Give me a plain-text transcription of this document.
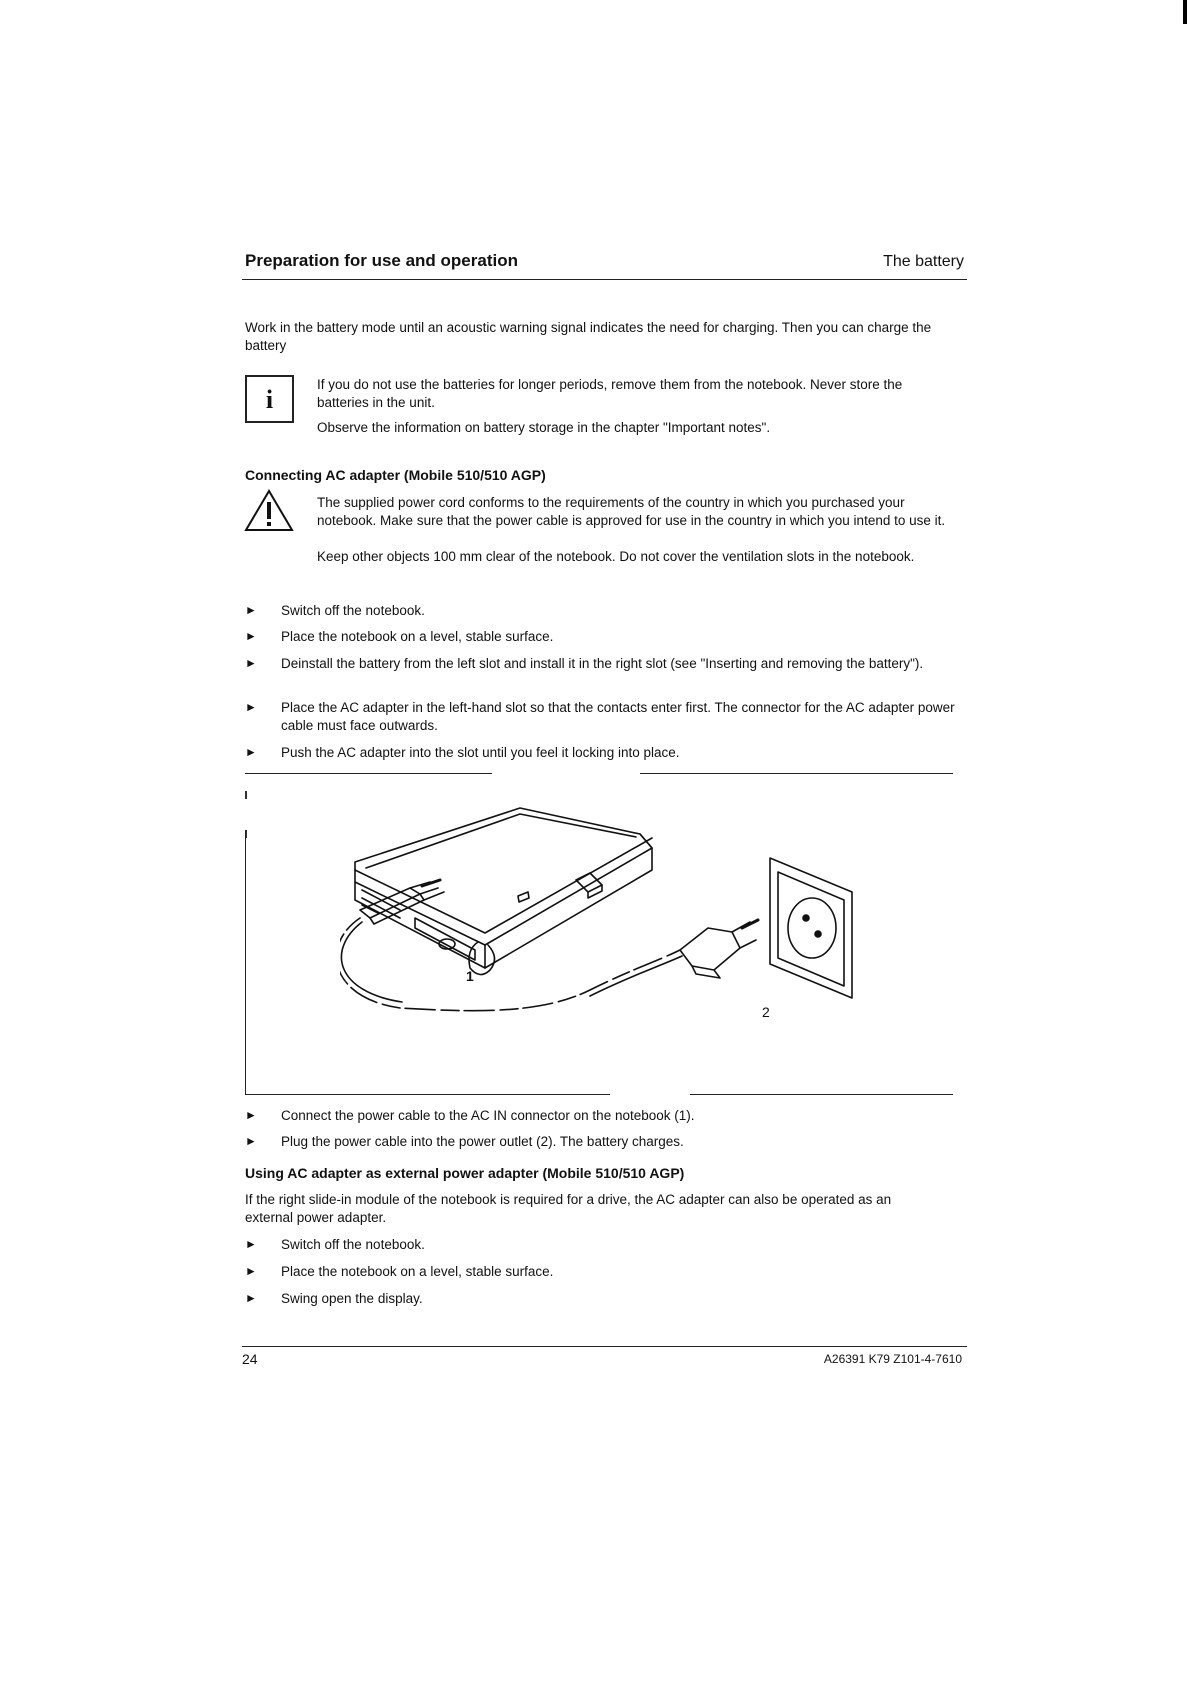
Preparation for use and operation	The battery
Work in the battery mode until an acoustic warning signal indicates the need for charging. Then you can charge the battery
i
If you do not use the batteries for longer periods, remove them from the notebook. Never store the batteries in the unit.
Observe the information on battery storage in the chapter "Important notes".
Connecting AC adapter (Mobile 510/510 AGP)
The supplied power cord conforms to the requirements of the country in which you purchased your notebook. Make sure that the power cable is approved for use in the country in which you intend to use it.
Keep other objects 100 mm clear of the notebook. Do not cover the ventilation slots in the notebook.
► Switch off the notebook.
► Place the notebook on a level, stable surface.
► Deinstall the battery from the left slot and install it in the right slot (see "Inserting and removing the battery").
► Place the AC adapter in the left-hand slot so that the contacts enter first. The connector for the AC adapter power cable must face outwards.
► Push the AC adapter into the slot until you feel it locking into place.
1
2
► Connect the power cable to the AC IN connector on the notebook (1).
► Plug the power cable into the power outlet (2). The battery charges.
Using AC adapter as external power adapter (Mobile 510/510 AGP)
If the right slide-in module of the notebook is required for a drive, the AC adapter can also be operated as an external power adapter.
► Switch off the notebook.
► Place the notebook on a level, stable surface.
► Swing open the display.
24	A26391 K79 Z101-4-7610
